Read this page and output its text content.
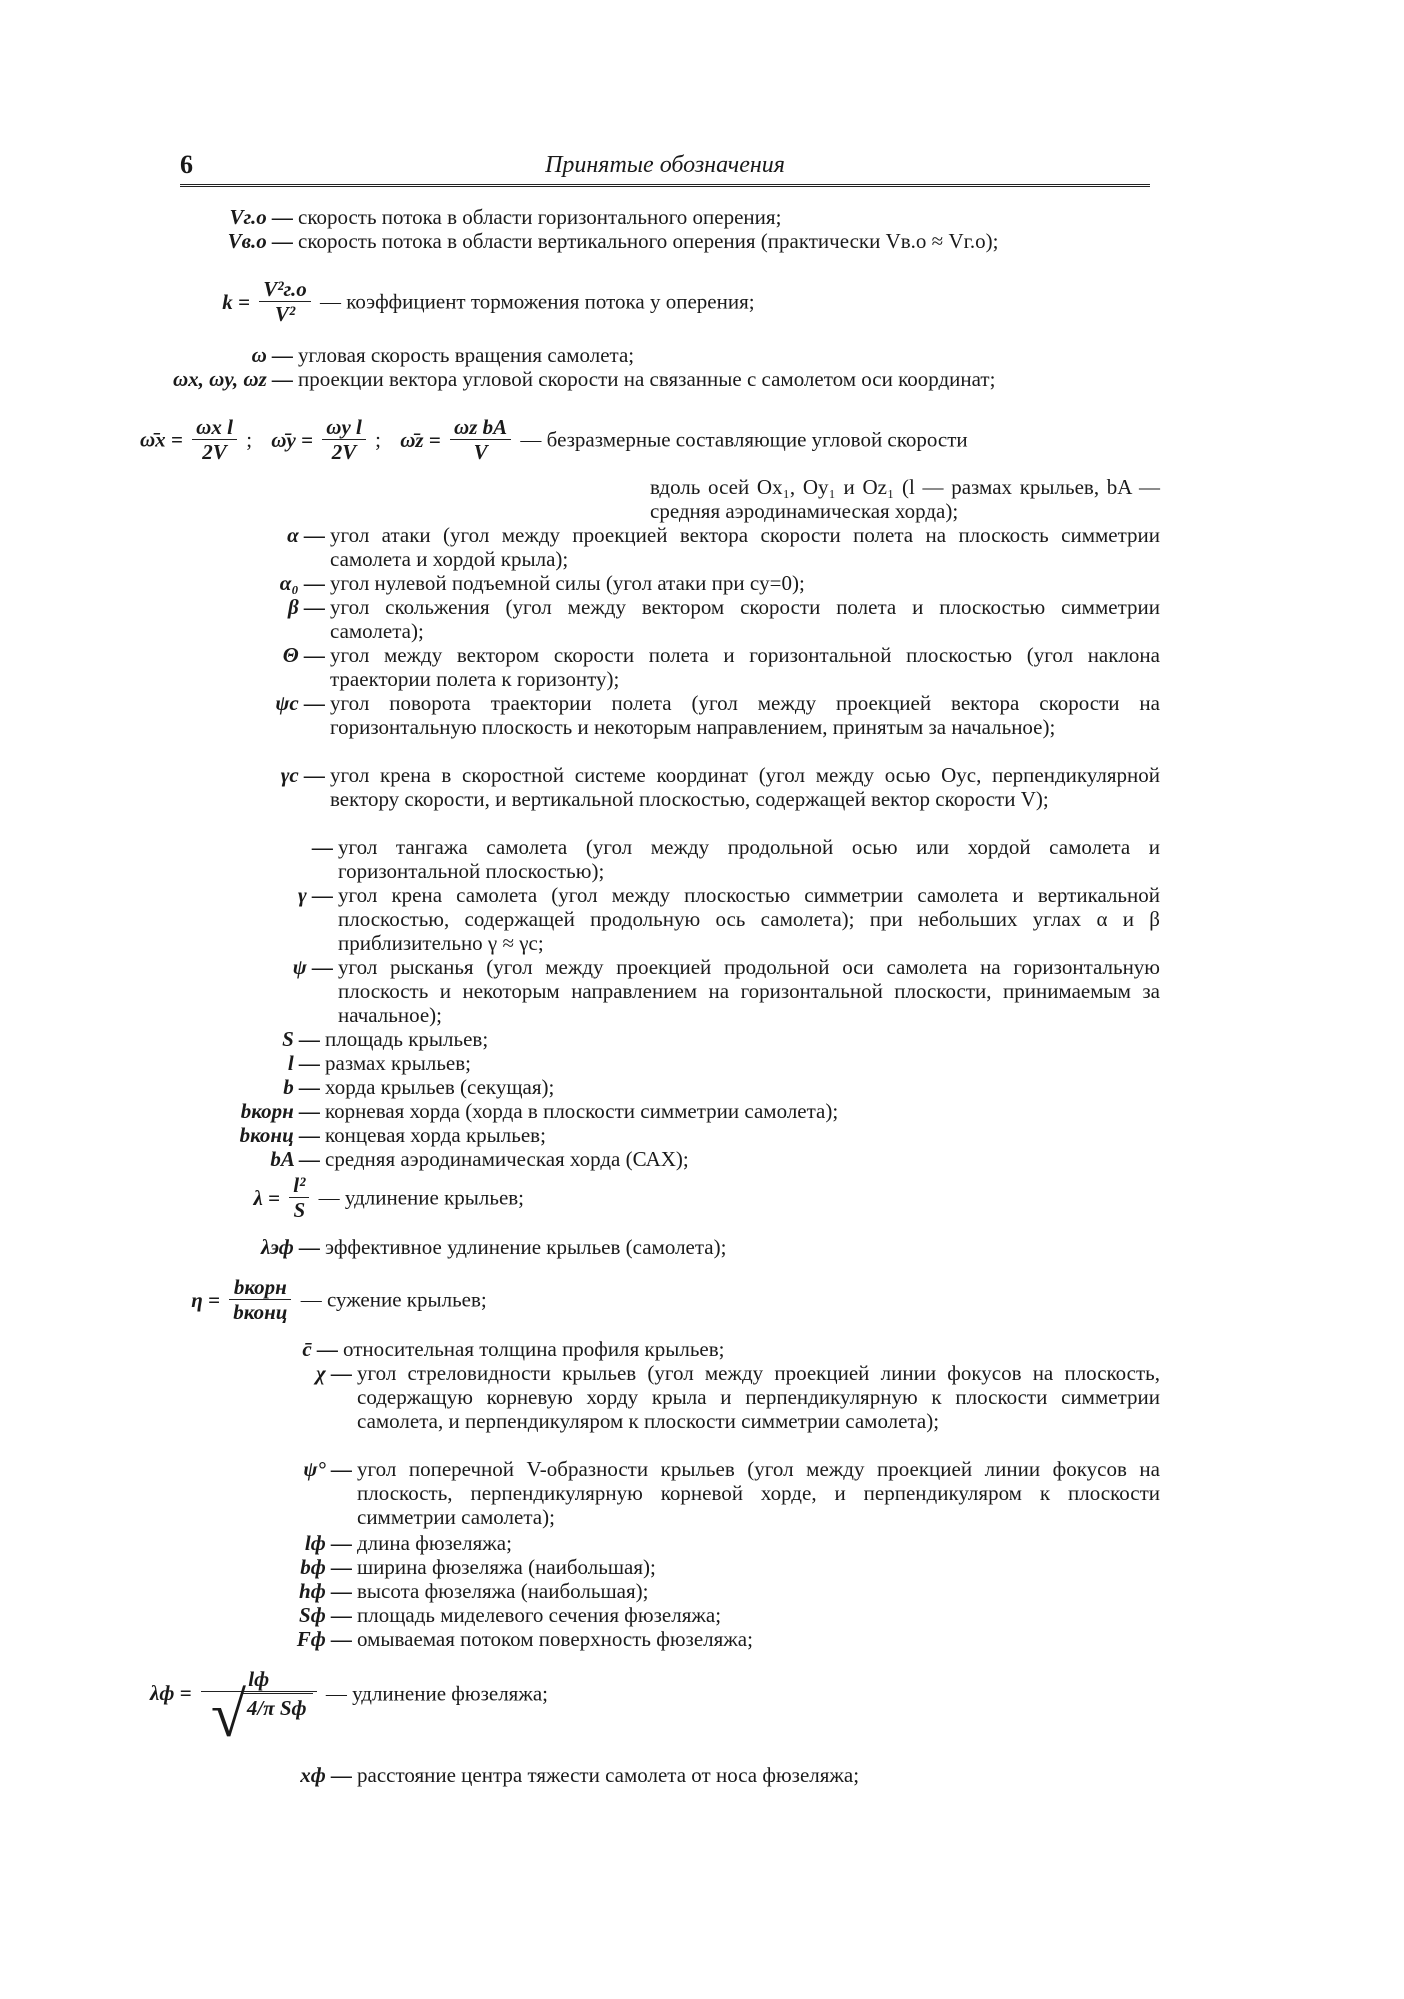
6	Принятые обозначения
Vг.о — скорость потока в области горизонтального оперения;
Vв.о — скорость потока в области вертикального оперения (практически Vв.о ≈ Vг.о);
$k = \frac{\text{V²г.о}}{\text{V²}}$ — коэффициент торможения потока у оперения;
ω — угловая скорость вращения самолета;
ωx, ωy, ωz — проекции вектора угловой скорости на связанные с самолетом оси координат;
ω̄x = $\frac{\text{ωx l}}{2V}$ ; ω̄y = $\frac{\text{ωy l}}{2V}$ ; ω̄z = $\frac{\text{ωz bA}}{V}$ — безразмерные составляющие угловой скорости
вдоль осей Ox₁, Oy₁ и Oz₁ (l — размах крыльев, bA — средняя аэродинамическая хорда);
α — угол атаки (угол между проекцией вектора скорости полета на плоскость симметрии самолета и хордой крыла);
α₀ — угол нулевой подъемной силы (угол атаки при cy=0);
β — угол скольжения (угол между вектором скорости полета и плоскостью симметрии самолета);
Θ — угол между вектором скорости полета и горизонтальной плоскостью (угол наклона траектории полета к горизонту);
ψc — угол поворота траектории полета (угол между проекцией вектора скорости на горизонтальную плоскость и некоторым направлением, принятым за начальное);
γc — угол крена в скоростной системе координат (угол между осью Oyc, перпендикулярной вектору скорости, и вертикальной плоскостью, содержащей вектор скорости V);
— угол тангажа самолета (угол между продольной осью или хордой самолета и горизонтальной плоскостью);
γ — угол крена самолета (угол между плоскостью симметрии самолета и вертикальной плоскостью, содержащей продольную ось самолета); при небольших углах α и β приблизительно γ ≈ γc;
ψ — угол рысканья (угол между проекцией продольной оси самолета на горизонтальную плоскость и некоторым направлением на горизонтальной плоскости, принимаемым за начальное);
S — площадь крыльев;
l — размах крыльев;
b — хорда крыльев (секущая);
bкорн — корневая хорда (хорда в плоскости симметрии самолета);
bконц — концевая хорда крыльев;
bA — средняя аэродинамическая хорда (САХ);
$\lambda = \frac{\text{l²}}{S}$ — удлинение крыльев;
λэф — эффективное удлинение крыльев (самолета);
$\eta = \frac{\text{bкорн}}{\text{bконц}}$ — сужение крыльев;
c̄ — относительная толщина профиля крыльев;
χ — угол стреловидности крыльев (угол между проекцией линии фокусов на плоскость, содержащую корневую хорду крыла и перпендикулярную к плоскости симметрии самолета, и перпендикуляром к плоскости симметрии самолета);
ψ° — угол поперечной V-образности крыльев (угол между проекцией линии фокусов на плоскость, перпендикулярную корневой хорде, и перпендикуляром к плоскости симметрии самолета);
lф — длина фюзеляжа;
bф — ширина фюзеляжа (наибольшая);
hф — высота фюзеляжа (наибольшая);
Sф — площадь миделевого сечения фюзеляжа;
Fф — омываемая потоком поверхность фюзеляжа;
$\lambda ф = \frac{lф}{\text{√ 4/π Sф}}$ — удлинение фюзеляжа;
xф — расстояние центра тяжести самолета от носа фюзеляжа;
